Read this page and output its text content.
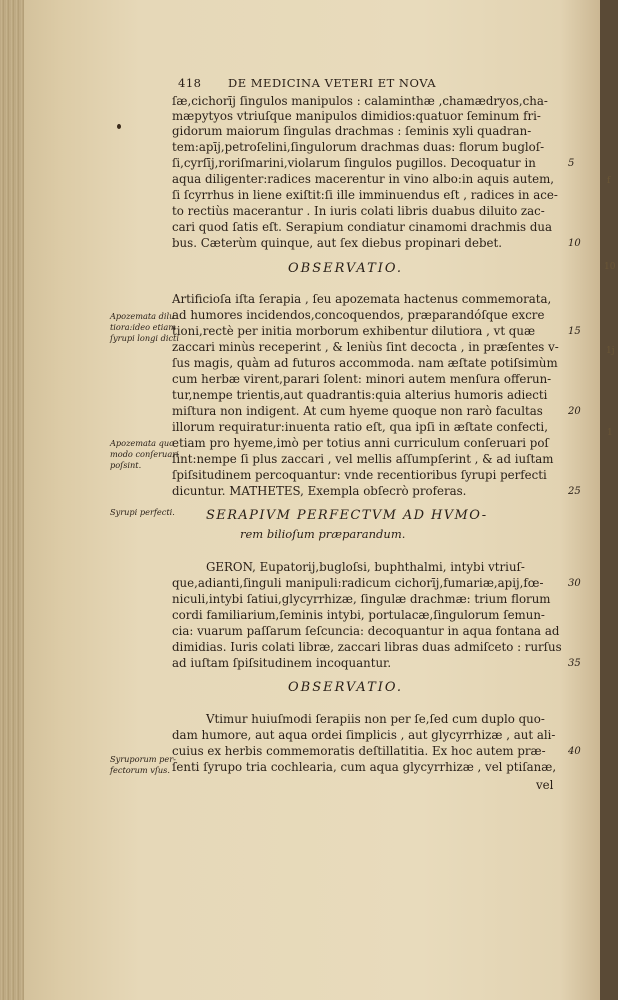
418 DE MEDICINA VETERI ET NOVA
ſæ,cichorīj ſingulos manipulos : calaminthæ ,chamædryos,cha-
mæpytyos vtriuſque manipulos dimidios:quatuor ſeminum fri-
gidorum maiorum ſingulas drachmas : ſeminis xyli quadran-
tem:apīj,petroſelini,ſingulorum drachmas duas: florum bugloſ-
ſi,cyrſīj,roriſmarini,violarum ſingulos pugillos. Decoquatur in
aqua diligenter:radices macerentur in vino albo:in aquis autem,
ſi ſcyrrhus in liene exiſtit:ſi ille imminuendus eſt , radices in ace-
to rectiùs macerantur . In iuris colati libris duabus diluito zac-
cari quod ſatis eſt. Serapium condiatur cinamomi drachmis dua
bus. Cæterùm quinque, aut ſex diebus propinari debet.
5
10
OBSERVATIO.
Artificioſa iſta ſerapia , ſeu apozemata hactenus commemorata,
ad humores incidendos,concoquendos, præparandóſque excre
tioni,rectè per initia morborum exhibentur dilutiora , vt quæ
zaccari minùs receperint , & leniùs ſint decocta , in præſentes v-
ſus magis, quàm ad futuros accommoda. nam æſtate potiſsimùm
cum herbæ virent,parari ſolent: minori autem menſura offerun-
tur,nempe trientis,aut quadrantis:quia alterius humoris adiecti
miſtura non indigent. At cum hyeme quoque non rarò facultas
illorum requiratur:inuenta ratio eſt, qua ipſi in æſtate confecti,
etiam pro hyeme,imò per totius anni curriculum conſeruari poſ
ſint:nempe ſi plus zaccari , vel mellis aſſumpſerint , & ad iuſtam
ſpiſsitudinem percoquantur: vnde recentioribus ſyrupi perfecti
dicuntur. MATHETES, Exempla obſecrò proferas.
15
20
25
Apozemata dilu
tiora:ideo etiam
ſyrupi longi dicti
Apozemata quo
modo conſeruari
poſsint.
Syrupi perfecti.
Syruporum per-
fectorum vſus.
SERAPIVM PERFECTVM AD HVMO-
rem bilioſum præparandum.
GERON, Eupatorij,bugloſsi, buphthalmi, intybi vtriuſ-
que,adianti,ſinguli manipuli:radicum cichorīj,fumariæ,apij,fœ-
niculi,intybi ſatiui,glycyrrhizæ, ſingulæ drachmæ: trium florum
cordi familiarium,ſeminis intybi, portulacæ,ſingulorum ſemun-
cia: vuarum paſſarum ſeſcuncia: decoquantur in aqua fontana ad
dimidias. Iuris colati libræ, zaccari libras duas admiſceto : rurſus
ad iuſtam ſpiſsitudinem incoquantur.
30
35
OBSERVATIO.
Vtimur huiuſmodi ſerapiis non per ſe,ſed cum duplo quo-
dam humore, aut aqua ordei ſimplicis , aut glycyrrhizæ , aut ali-
cuius ex herbis commemoratis deſtillatitia. Ex hoc autem præ-
ſenti ſyrupo tria cochlearia, cum aqua glycyrrhizæ , vel ptiſanæ,
40
vel
f
10
1j
1
